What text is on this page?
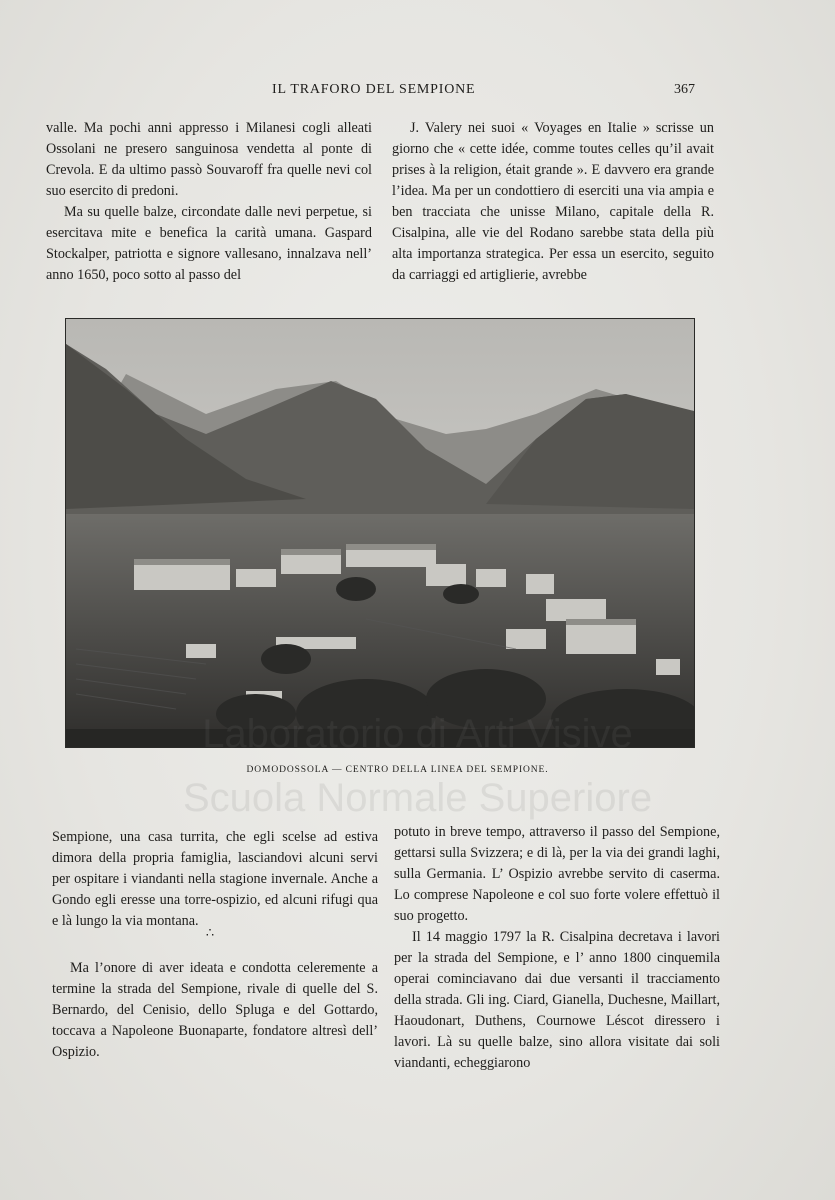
IL TRAFORO DEL SEMPIONE	367

valle. Ma pochi anni appresso i Milanesi cogli alleati Ossolani ne presero sanguinosa vendetta al ponte di Crevola. E da ultimo passò Souvaroff fra quelle nevi col suo esercito di predoni.

Ma su quelle balze, circondate dalle nevi perpetue, si esercitava mite e benefica la carità umana. Gaspard Stockalper, patriotta e signore vallesano, innalzava nell’ anno 1650, poco sotto al passo del

J. Valery nei suoi « Voyages en Italie » scrisse un giorno che « cette idée, comme toutes celles qu’il avait prises à la religion, était grande ». E davvero era grande l’idea. Ma per un condottiero di eserciti una via ampia e ben tracciata che unisse Milano, capitale della R. Cisalpina, alle vie del Rodano sarebbe stata della più alta importanza strategica. Per essa un esercito, seguito da carriaggi ed artiglierie, avrebbe

DOMODOSSOLA — CENTRO DELLA LINEA DEL SEMPIONE.
Scuola Normale Superiore

Sempione, una casa turrita, che egli scelse ad estiva dimora della propria famiglia, lasciandovi alcuni servi per ospitare i viandanti nella stagione invernale. Anche a Gondo egli eresse una torre-ospizio, ed alcuni rifugi qua e là lungo la via montana.

∴

Ma l’onore di aver ideata e condotta celeremente a termine la strada del Sempione, rivale di quelle del S. Bernardo, del Cenisio, dello Spluga e del Gottardo, toccava a Napoleone Buonaparte, fondatore altresì dell’ Ospizio.

potuto in breve tempo, attraverso il passo del Sempione, gettarsi sulla Svizzera; e di là, per la via dei grandi laghi, sulla Germania. L’ Ospizio avrebbe servito di caserma. Lo comprese Napoleone e col suo forte volere effettuò il suo progetto.

Il 14 maggio 1797 la R. Cisalpina decretava i lavori per la strada del Sempione, e l’ anno 1800 cinquemila operai cominciavano dai due versanti il tracciamento della strada. Gli ing. Ciard, Gianella, Duchesne, Maillart, Haoudonart, Duthens, Cournowe Léscot diressero i lavori. Là su quelle balze, sino allora visitate dai soli viandanti, echeggiarono
